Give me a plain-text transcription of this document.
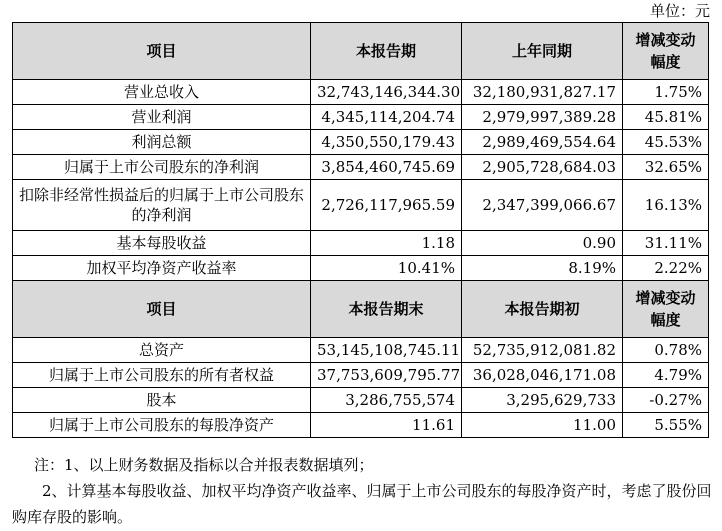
单位：元
项目	本报告期	上年同期	增减变动幅度
营业总收入	32,743,146,344.30	32,180,931,827.17	1.75%
营业利润	4,345,114,204.74	2,979,997,389.28	45.81%
利润总额	4,350,550,179.43	2,989,469,554.64	45.53%
归属于上市公司股东的净利润	3,854,460,745.69	2,905,728,684.03	32.65%
扣除非经常性损益后的归属于上市公司股东的净利润	2,726,117,965.59	2,347,399,066.67	16.13%
基本每股收益	1.18	0.90	31.11%
加权平均净资产收益率	10.41%	8.19%	2.22%
项目	本报告期末	本报告期初	增减变动幅度
总资产	53,145,108,745.11	52,735,912,081.82	0.78%
归属于上市公司股东的所有者权益	37,753,609,795.77	36,028,046,171.08	4.79%
股本	3,286,755,574	3,295,629,733	-0.27%
归属于上市公司股东的每股净资产	11.61	11.00	5.55%

注：1、以上财务数据及指标以合并报表数据填列；

2、计算基本每股收益、加权平均净资产收益率、归属于上市公司股东的每股净资产时，考虑了股份回购库存股的影响。
